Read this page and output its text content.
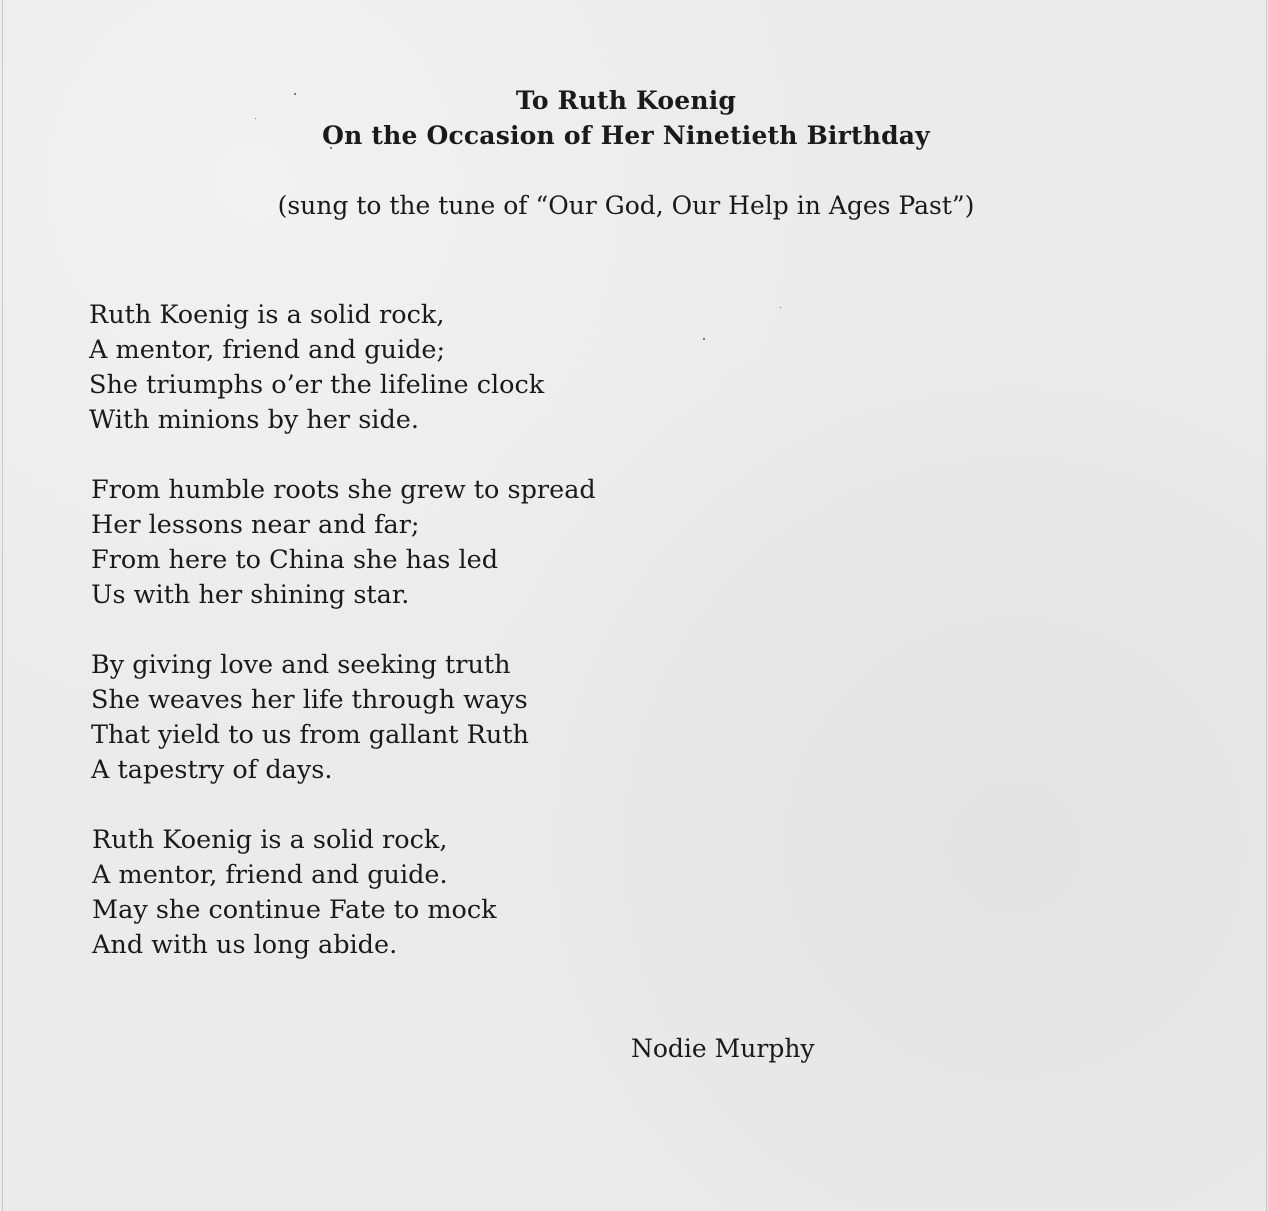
To Ruth Koenig
On the Occasion of Her Ninetieth Birthday
(sung to the tune of “Our God, Our Help in Ages Past”)
Ruth Koenig is a solid rock,
A mentor, friend and guide;
She triumphs o’er the lifeline clock
With minions by her side.
From humble roots she grew to spread
Her lessons near and far;
From here to China she has led
Us with her shining star.
By giving love and seeking truth
She weaves her life through ways
That yield to us from gallant Ruth
A tapestry of days.
Ruth Koenig is a solid rock,
A mentor, friend and guide.
May she continue Fate to mock
And with us long abide.
Nodie Murphy
